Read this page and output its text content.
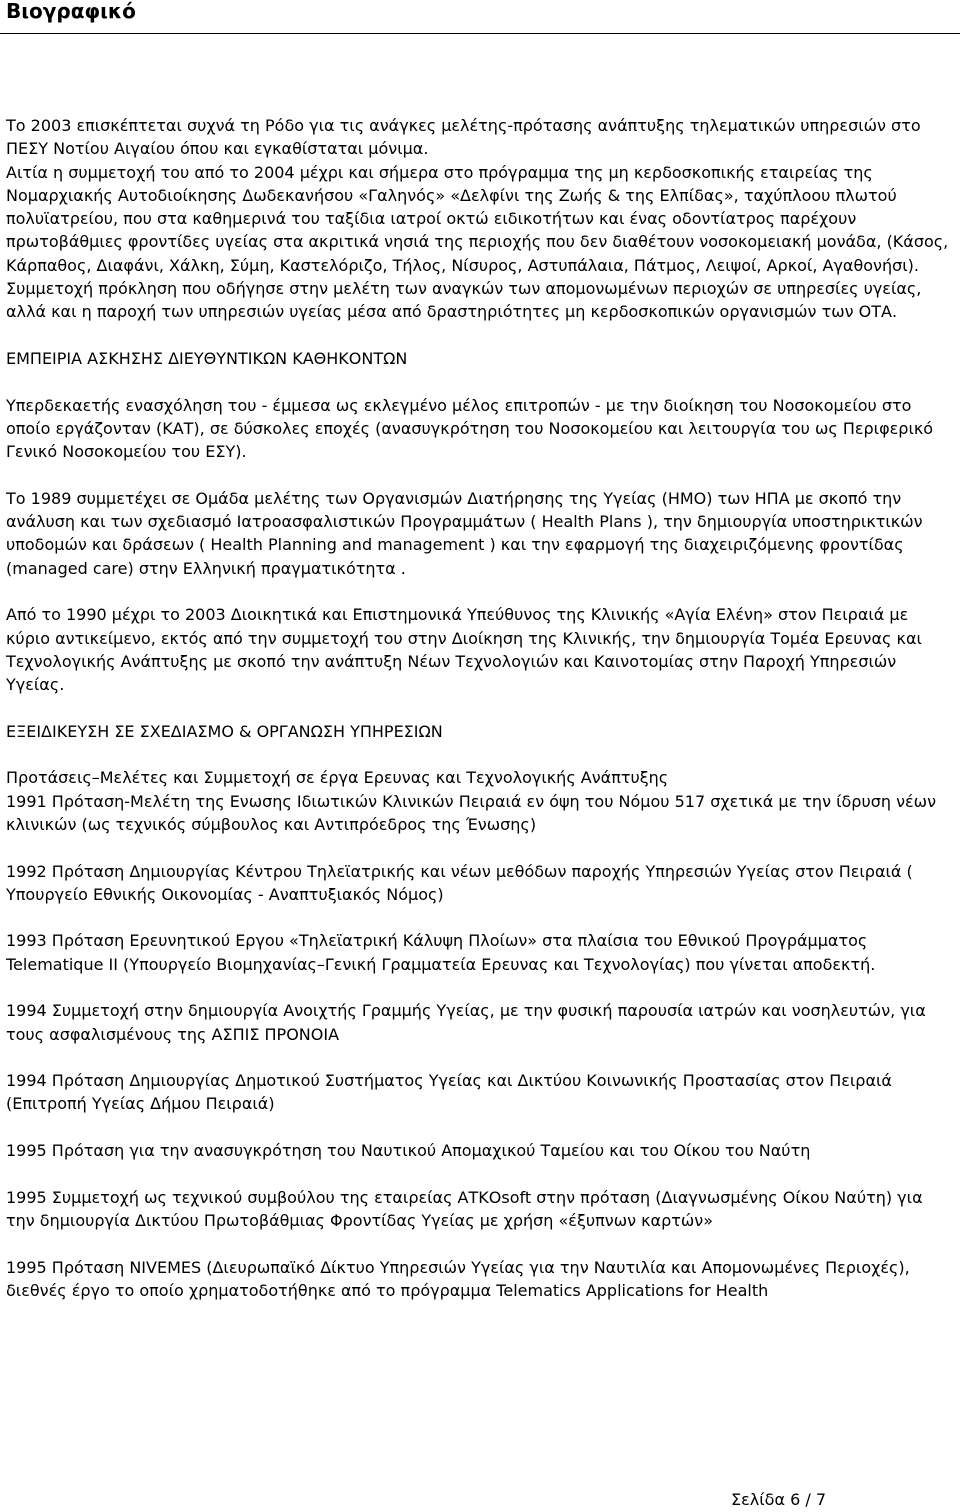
Βιογραφικό

Το 2003 επισκέπτεται συχνά τη Ρόδο για τις ανάγκες μελέτης-πρότασης ανάπτυξης τηλεματικών υπηρεσιών στο ΠΕΣΥ Νοτίου Αιγαίου όπου και εγκαθίσταται μόνιμα.

Αιτία η συμμετοχή του από το 2004 μέχρι και σήμερα στο πρόγραμμα της μη κερδοσκοπικής εταιρείας της Νομαρχιακής Αυτοδιοίκησης Δωδεκανήσου «Γαληνός» «Δελφίνι της Ζωής & της Ελπίδας», ταχύπλοου πλωτού πολυϊατρείου, που στα καθημερινά του ταξίδια ιατροί οκτώ ειδικοτήτων και ένας οδοντίατρος παρέχουν πρωτοβάθμιες φροντίδες υγείας στα ακριτικά νησιά της περιοχής που δεν διαθέτουν νοσοκομειακή μονάδα, (Κάσος, Κάρπαθος, Διαφάνι, Χάλκη, Σύμη, Καστελόριζο, Τήλος, Νίσυρος, Αστυπάλαια, Πάτμος, Λειψοί, Αρκοί, Αγαθονήσι).

Συμμετοχή πρόκληση που οδήγησε στην μελέτη των αναγκών των απομονωμένων περιοχών σε υπηρεσίες υγείας, αλλά και η παροχή των υπηρεσιών υγείας μέσα από δραστηριότητες μη κερδοσκοπικών οργανισμών των ΟΤΑ.

ΕΜΠΕΙΡΙΑ ΑΣΚΗΣΗΣ ΔΙΕΥΘΥΝΤΙΚΩΝ ΚΑΘΗΚΟΝΤΩΝ

Υπερδεκαετής ενασχόληση του - έμμεσα ως εκλεγμένο μέλος επιτροπών - με την διοίκηση του Νοσοκομείου στο οποίο εργάζονταν (ΚΑΤ), σε δύσκολες εποχές (ανασυγκρότηση του Νοσοκομείου και λειτουργία του ως Περιφερικό Γενικό Νοσοκομείου του ΕΣΥ).

Το 1989 συμμετέχει σε Ομάδα μελέτης των Οργανισμών Διατήρησης της Υγείας (ΗΜΟ) των ΗΠΑ με σκοπό την ανάλυση και των σχεδιασμό Ιατροασφαλιστικών Προγραμμάτων ( Health Plans ), την δημιουργία υποστηρικτικών υποδομών και δράσεων ( Health Planning and management ) και την εφαρμογή της διαχειριζόμενης φροντίδας (managed care) στην Ελληνική πραγματικότητα .

Από το 1990 μέχρι το 2003 Διοικητικά και Επιστημονικά Υπεύθυνος της Κλινικής «Αγία Ελένη» στον Πειραιά με κύριο αντικείμενο, εκτός από την συμμετοχή του στην Διοίκηση της Κλινικής, την δημιουργία Τομέα Ερευνας και Τεχνολογικής Ανάπτυξης με σκοπό την ανάπτυξη Νέων Τεχνολογιών και Καινοτομίας στην Παροχή Υπηρεσιών Υγείας.

ΕΞΕΙΔΙΚΕΥΣΗ ΣΕ ΣΧΕΔΙΑΣΜΟ & ΟΡΓΑΝΩΣΗ ΥΠΗΡΕΣΙΩΝ

Προτάσεις–Μελέτες και Συμμετοχή σε έργα Ερευνας και Τεχνολογικής Ανάπτυξης

1991 Πρόταση-Μελέτη της Ενωσης Ιδιωτικών Κλινικών Πειραιά εν όψη του Νόμου 517 σχετικά με την ίδρυση νέων κλινικών (ως τεχνικός σύμβουλος και Αντιπρόεδρος της Ένωσης)

1992 Πρόταση Δημιουργίας Κέντρου Τηλεϊατρικής και νέων μεθόδων παροχής Υπηρεσιών Υγείας στον Πειραιά ( Υπουργείο Εθνικής Οικονομίας - Αναπτυξιακός Νόμος)

1993 Πρόταση Ερευνητικού Εργου «Τηλεϊατρική Κάλυψη Πλοίων» στα πλαίσια του Εθνικού Προγράμματος Telematique II (Υπουργείο Βιομηχανίας–Γενική Γραμματεία Ερευνας και Τεχνολογίας) που γίνεται αποδεκτή.

1994 Συμμετοχή στην δημιουργία Ανοιχτής Γραμμής Υγείας, με την φυσική παρουσία ιατρών και νοσηλευτών, για τους ασφαλισμένους της ΑΣΠΙΣ ΠΡΟΝΟΙΑ

1994 Πρόταση Δημιουργίας Δημοτικού Συστήματος Υγείας και Δικτύου Κοινωνικής Προστασίας στον Πειραιά (Επιτροπή Υγείας Δήμου Πειραιά)

1995 Πρόταση για την ανασυγκρότηση του Ναυτικού Απομαχικού Ταμείου και του Οίκου του Ναύτη

1995 Συμμετοχή ως τεχνικού συμβούλου της εταιρείας ΑΤΚΟsoft στην πρόταση (Διαγνωσμένης Οίκου Ναύτη) για την δημιουργία Δικτύου Πρωτοβάθμιας Φροντίδας Υγείας με χρήση «έξυπνων καρτών»

1995 Πρόταση NIVEMES (Διευρωπαϊκό Δίκτυο Υπηρεσιών Υγείας για την Ναυτιλία και Απομονωμένες Περιοχές), διεθνές έργο το οποίο χρηματοδοτήθηκε από το πρόγραμμα Telematics Applications for Health

Σελίδα 6 / 7
